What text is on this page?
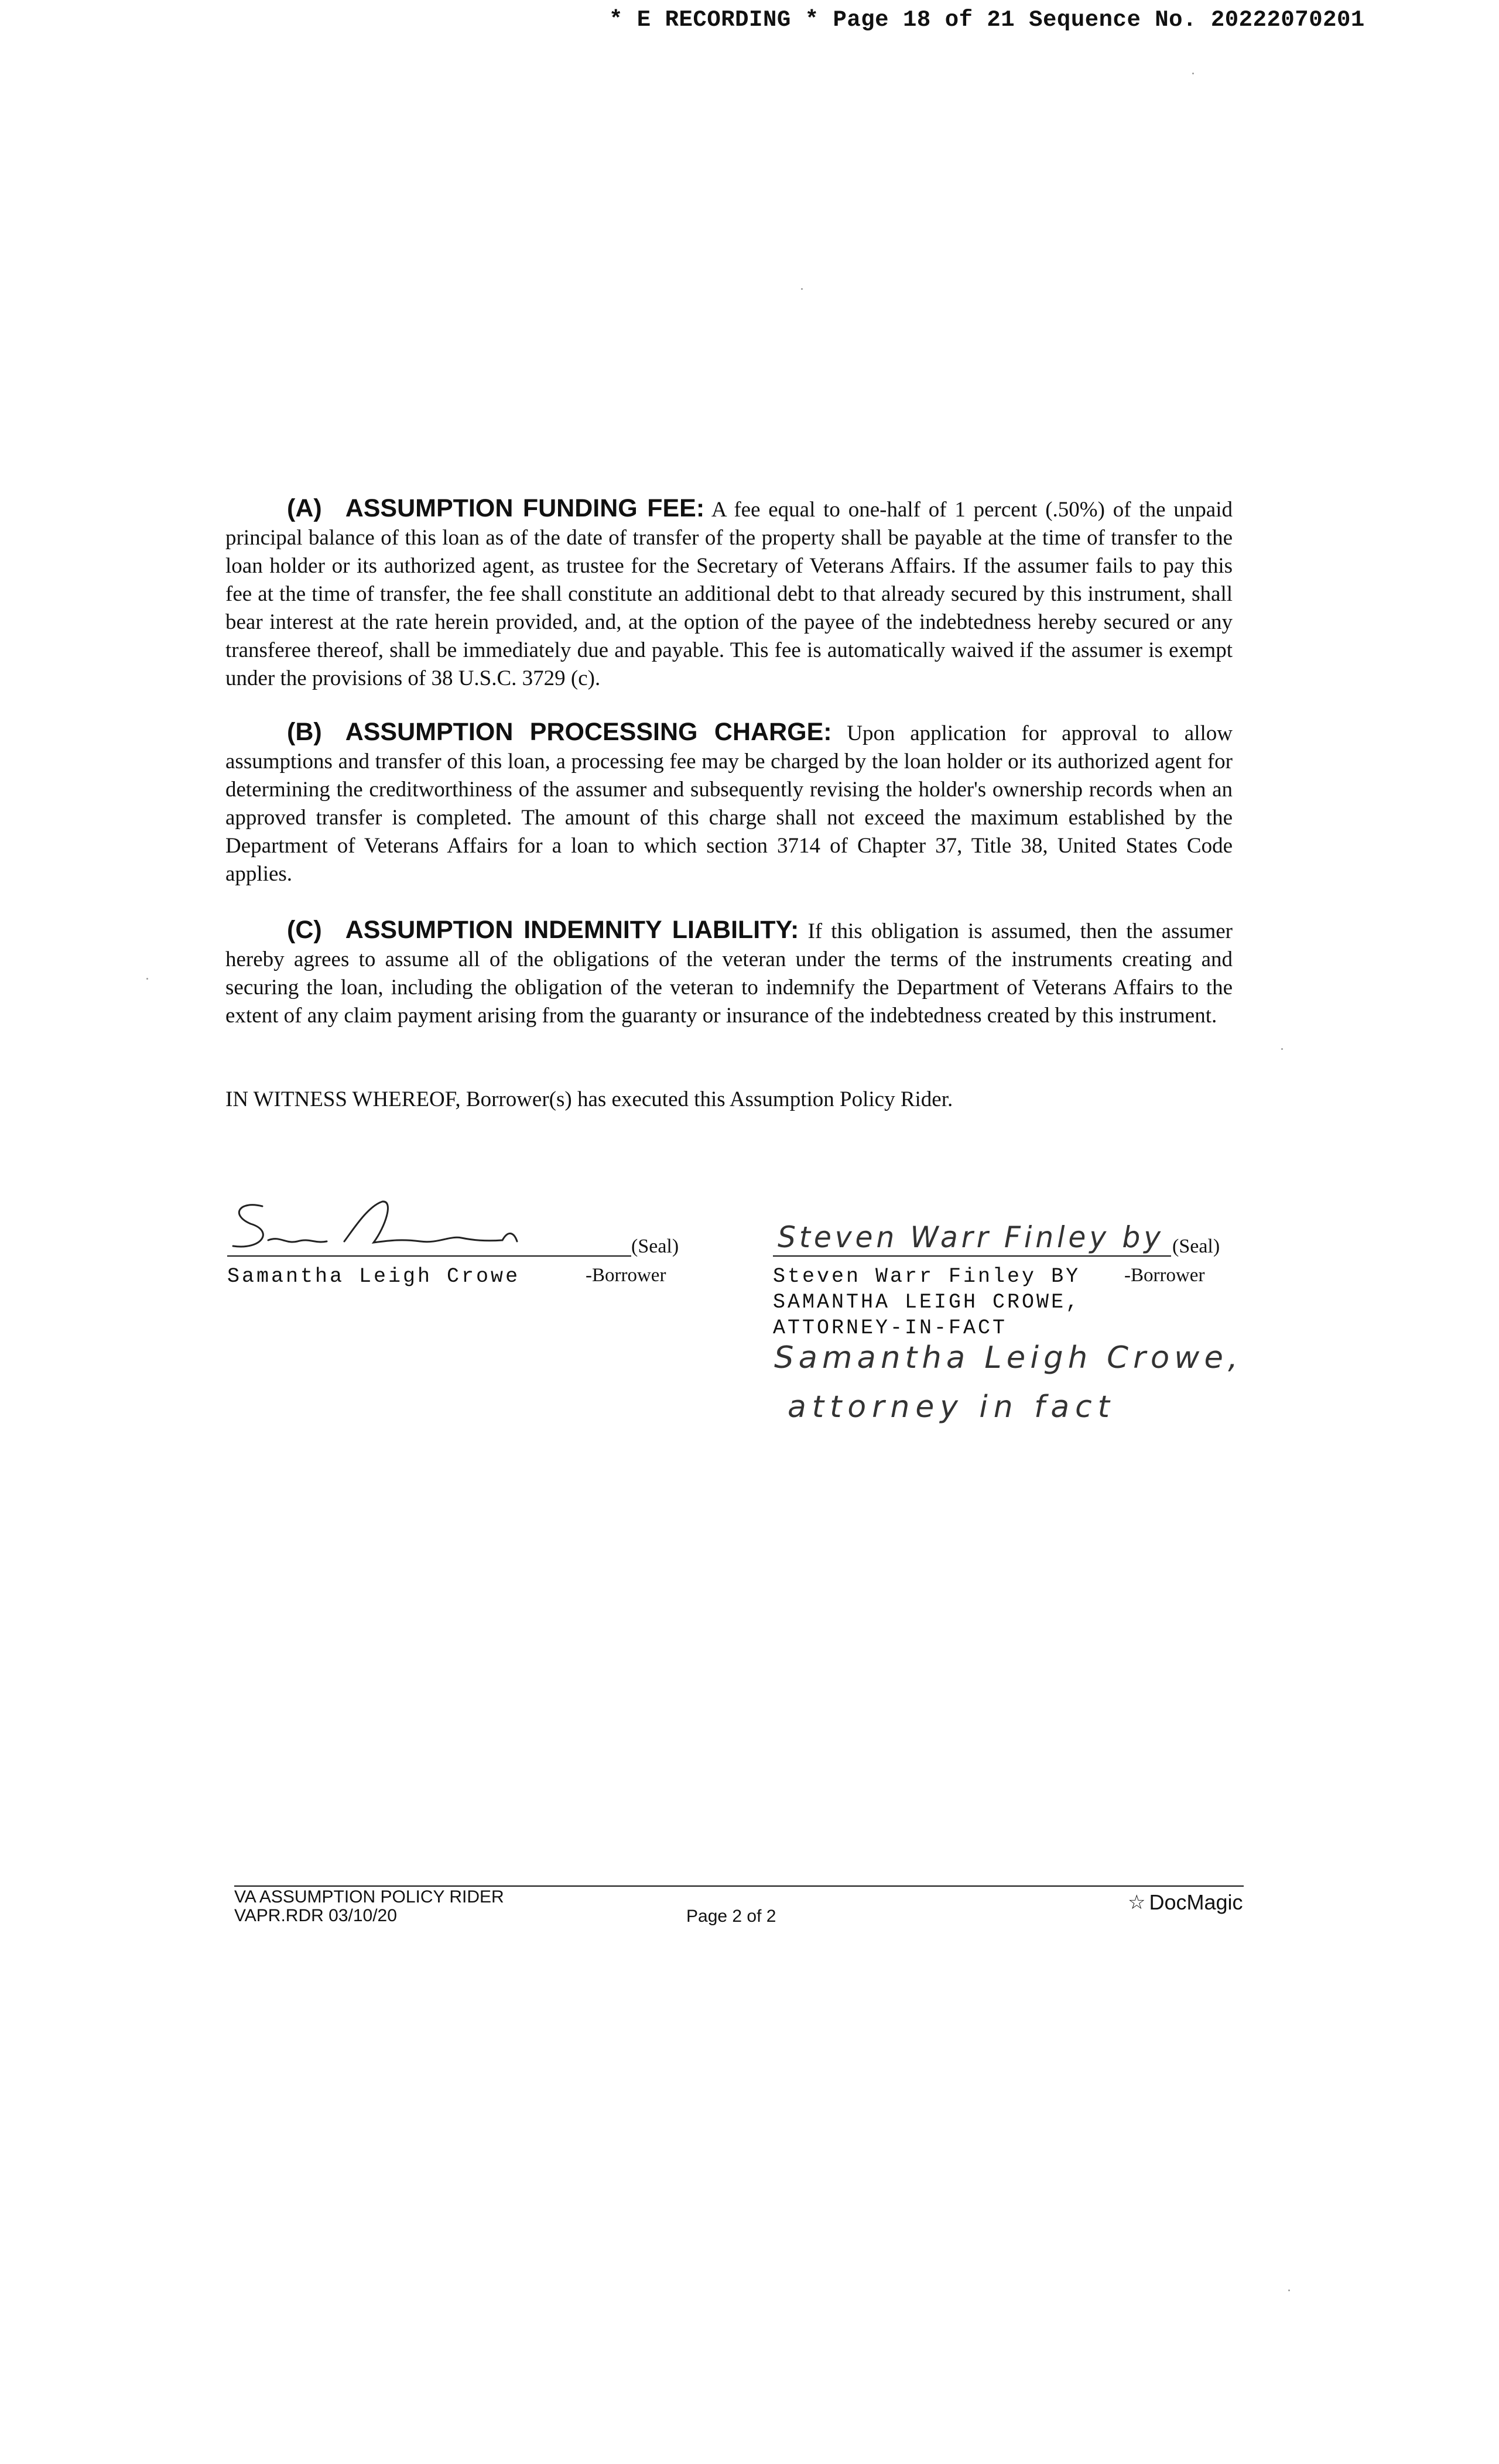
* E RECORDING * Page 18 of 21 Sequence No. 20222070201
(A) ASSUMPTION FUNDING FEE: A fee equal to one-half of 1 percent (.50%) of the unpaid principal balance of this loan as of the date of transfer of the property shall be payable at the time of transfer to the loan holder or its authorized agent, as trustee for the Secretary of Veterans Affairs. If the assumer fails to pay this fee at the time of transfer, the fee shall constitute an additional debt to that already secured by this instrument, shall bear interest at the rate herein provided, and, at the option of the payee of the indebtedness hereby secured or any transferee thereof, shall be immediately due and payable. This fee is automatically waived if the assumer is exempt under the provisions of 38 U.S.C. 3729 (c).
(B) ASSUMPTION PROCESSING CHARGE: Upon application for approval to allow assumptions and transfer of this loan, a processing fee may be charged by the loan holder or its authorized agent for determining the creditworthiness of the assumer and subsequently revising the holder's ownership records when an approved transfer is completed. The amount of this charge shall not exceed the maximum established by the Department of Veterans Affairs for a loan to which section 3714 of Chapter 37, Title 38, United States Code applies.
(C) ASSUMPTION INDEMNITY LIABILITY: If this obligation is assumed, then the assumer hereby agrees to assume all of the obligations of the veteran under the terms of the instruments creating and securing the loan, including the obligation of the veteran to indemnify the Department of Veterans Affairs to the extent of any claim payment arising from the guaranty or insurance of the indebtedness created by this instrument.
IN WITNESS WHEREOF, Borrower(s) has executed this Assumption Policy Rider.
(Seal)
Samantha Leigh Crowe	-Borrower
Steven Warr Finley by (Seal)
Steven Warr Finley BY -Borrower
SAMANTHA LEIGH CROWE,
ATTORNEY-IN-FACT
Samantha Leigh Crowe,
attorney in fact
VA ASSUMPTION POLICY RIDER
VAPR.RDR 03/10/20	Page 2 of 2
☆ DocMagic
